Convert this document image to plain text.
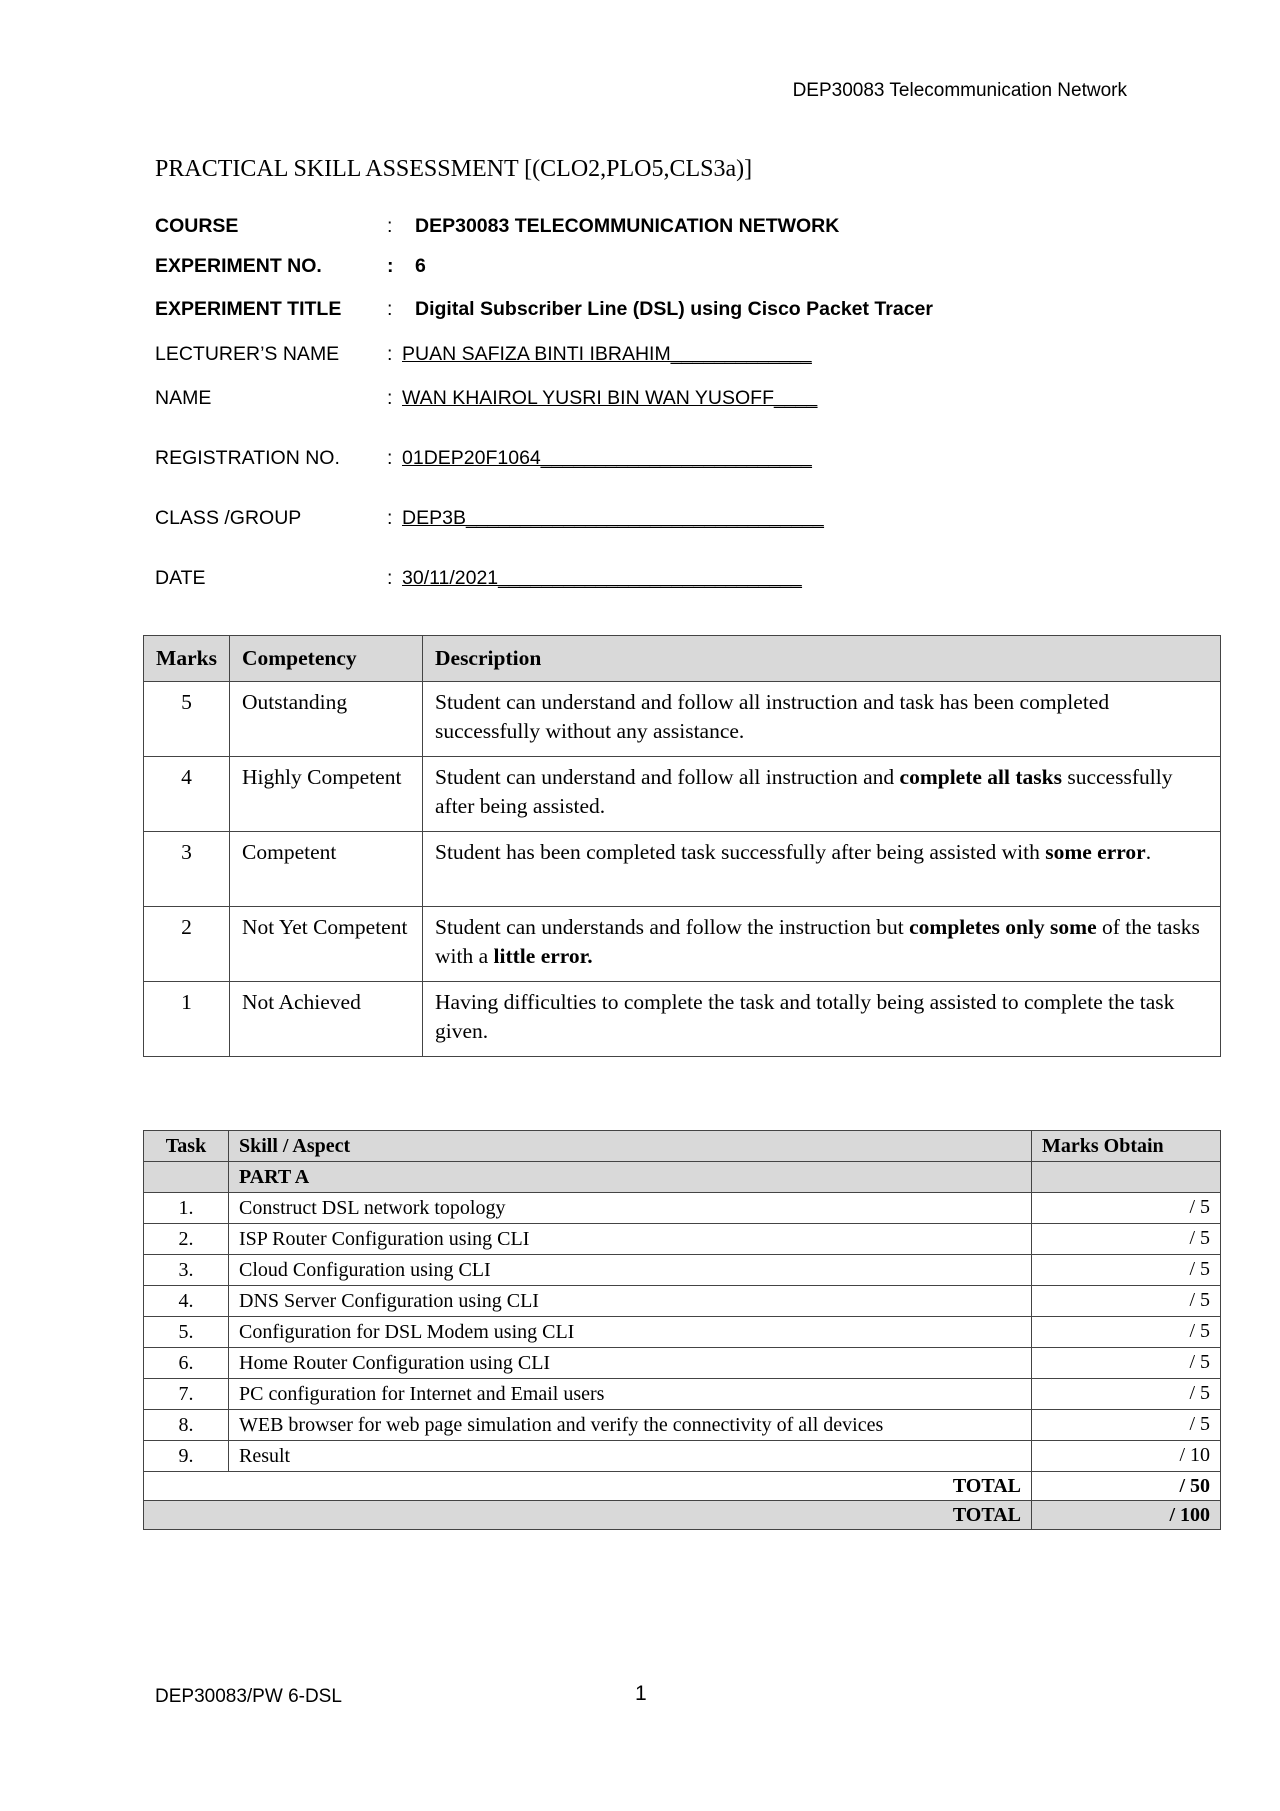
DEP30083 Telecommunication Network
PRACTICAL SKILL ASSESSMENT [(CLO2,PLO5,CLS3a)]
COURSE	: DEP30083 TELECOMMUNICATION NETWORK
EXPERIMENT NO.	: 6
EXPERIMENT TITLE : Digital Subscriber Line (DSL) using Cisco Packet Tracer
LECTURER’S NAME : PUAN SAFIZA BINTI IBRAHIM_____________
NAME	: WAN KHAIROL YUSRI BIN WAN YUSOFF____
REGISTRATION NO. : 01DEP20F1064_________________________
CLASS /GROUP	: DEP3B_________________________________
DATE	: 30/11/2021____________________________
Marks	Competency	Description
5	Outstanding	Student can understand and follow all instruction and task has been completed successfully without any assistance.
4	Highly Competent	Student can understand and follow all instruction and complete all tasks successfully after being assisted.
3	Competent	Student has been completed task successfully after being assisted with some error.
2	Not Yet Competent	Student can understands and follow the instruction but completes only some of the tasks with a little error.
1	Not Achieved	Having difficulties to complete the task and totally being assisted to complete the task given.
Task	Skill / Aspect	Marks Obtain
	PART A	
1.	Construct DSL network topology	/ 5
2.	ISP Router Configuration using CLI	/ 5
3.	Cloud Configuration using CLI	/ 5
4.	DNS Server Configuration using CLI	/ 5
5.	Configuration for DSL Modem using CLI	/ 5
6.	Home Router Configuration using CLI	/ 5
7.	PC configuration for Internet and Email users	/ 5
8.	WEB browser for web page simulation and verify the connectivity of all devices	/ 5
9.	Result	/ 10
TOTAL		/ 50
TOTAL		/ 100
DEP30083/PW 6-DSL	1
